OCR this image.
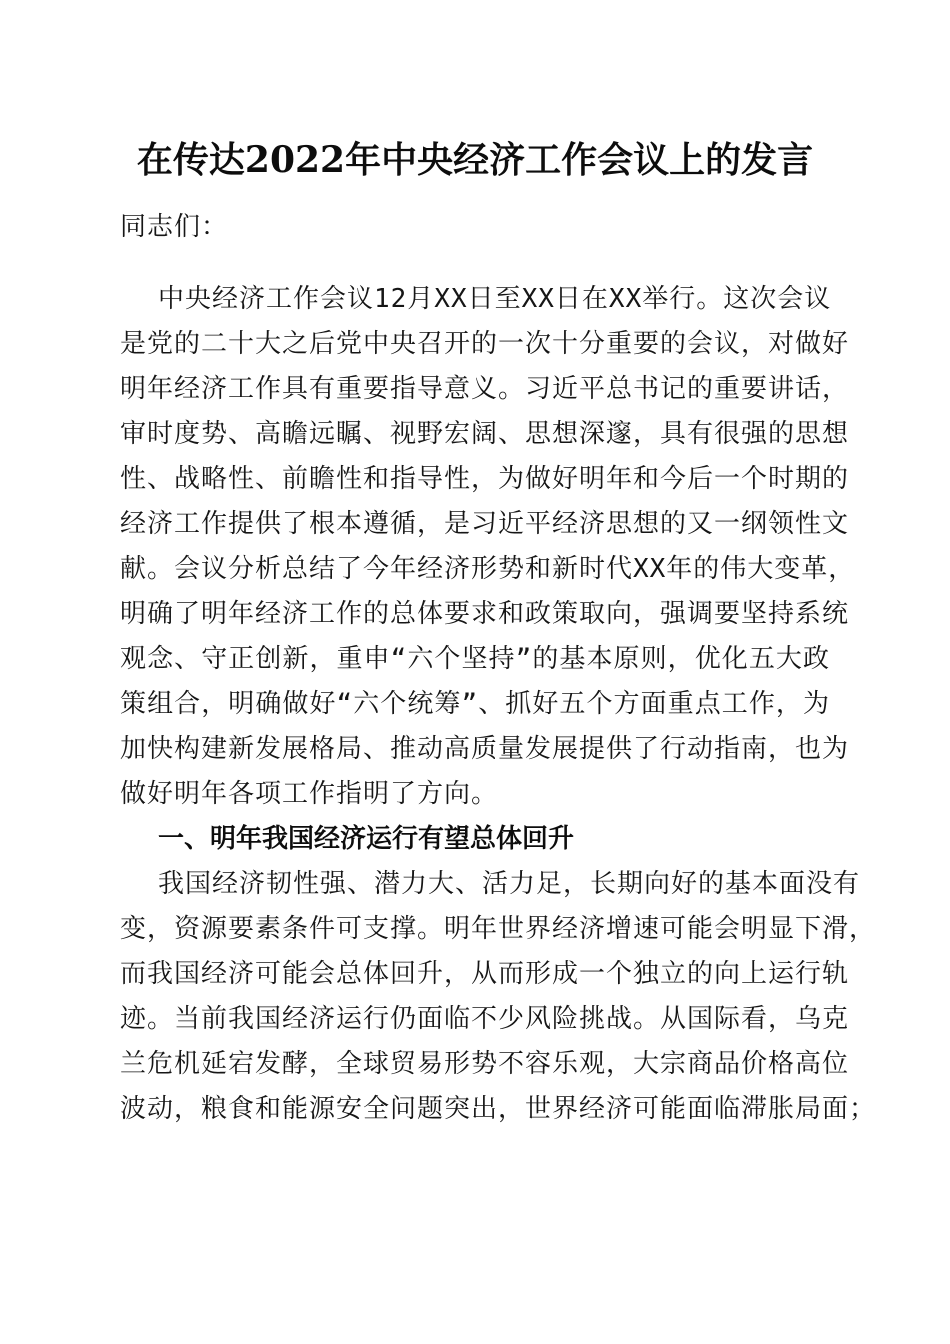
在传达2022年中央经济工作会议上的发言
同志们：
中央经济工作会议12月XX日至XX日在XX举行。这次会议
是党的二十大之后党中央召开的一次十分重要的会议，对做好
明年经济工作具有重要指导意义。习近平总书记的重要讲话，
审时度势、高瞻远瞩、视野宏阔、思想深邃，具有很强的思想
性、战略性、前瞻性和指导性，为做好明年和今后一个时期的
经济工作提供了根本遵循，是习近平经济思想的又一纲领性文
献。会议分析总结了今年经济形势和新时代XX年的伟大变革，
明确了明年经济工作的总体要求和政策取向，强调要坚持系统
观念、守正创新，重申“六个坚持”的基本原则，优化五大政
策组合，明确做好“六个统筹”、抓好五个方面重点工作，为
加快构建新发展格局、推动高质量发展提供了行动指南，也为
做好明年各项工作指明了方向。
一、明年我国经济运行有望总体回升
我国经济韧性强、潜力大、活力足，长期向好的基本面没有
变，资源要素条件可支撑。明年世界经济增速可能会明显下滑，
而我国经济可能会总体回升，从而形成一个独立的向上运行轨
迹。当前我国经济运行仍面临不少风险挑战。从国际看，乌克
兰危机延宕发酵，全球贸易形势不容乐观，大宗商品价格高位
波动，粮食和能源安全问题突出，世界经济可能面临滞胀局面；
